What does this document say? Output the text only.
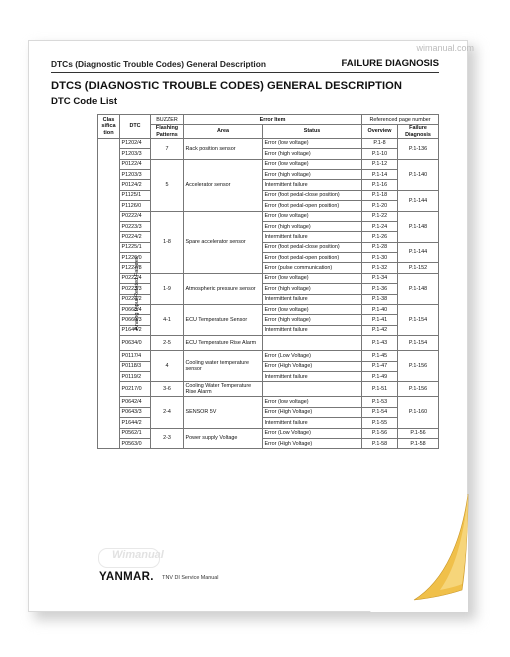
wimanual.com
DTCs (Diagnostic Trouble Codes) General Description	FAILURE DIAGNOSIS
DTCS (DIAGNOSTIC TROUBLE CODES) GENERAL DESCRIPTION
DTC Code List
Clas sifica tion	DTC	BUZZER	Error Item		Referenced page number	
		Flashing Patterns	Area	Status	Overview	Failure Diagnosis
Analog Input Related Failures	P1202/4	7	Rack position sensor	Error (low voltage)	P.1-8	P.1-136
	P1203/3			Error (high voltage)	P.1-10	
	P0122/4	5	Accelerator sensor	Error (low voltage)	P.1-12	P.1-140
	P1203/3			Error (high voltage)	P.1-14	
	P0124/2			Intermittent failure	P.1-16	
	P1125/1			Error (foot pedal-close position)	P.1-18	P.1-144
	P1126/0			Error (foot pedal-open position)	P.1-20	
	P0222/4	1-8	Spare accelerator sensor	Error (low voltage)	P.1-22	P.1-148
	P0223/3			Error (high voltage)	P.1-24	
	P0224/2			Intermittent failure	P.1-26	
	P1225/1			Error (foot pedal-close position)	P.1-28	P.1-144
	P1226/0			Error (foot pedal-open position)	P.1-30	
	P1227/8			Error (pulse communication)	P.1-32	P.1-152
	P0222/4	1-9	Atmospheric pressure sensor	Error (low voltage)	P.1-34	P.1-148
	P0223/3			Error (high voltage)	P.1-36	
	P0224/2			Intermittent failure	P.1-38	
	P0668/4	4-1	ECU Temperature Sensor	Error (low voltage)	P.1-40	P.1-154
	P0669/3			Error (high voltage)	P.1-41	
	P1644/2			Intermittent failure	P.1-42	
	P0634/0	2-5	ECU Temperature Rise Alarm		P.1-43	P.1-154
	P0117/4	4	Cooling water temperature sensor	Error (Low Voltage)	P.1-45	P.1-156
	P0118/3			Error (High Voltage)	P.1-47	
	P0119/2			Intermittent failure	P.1-49	
	P0217/0	3-6	Cooling Water Temperature Rise Alarm		P.1-51	P.1-156
	P0642/4	2-4	SENSOR 5V	Error (low voltage)	P.1-53	P.1-160
	P0643/3			Error (High Voltage)	P.1-54	
	P1644/2			Intermittent failure	P.1-55	
	P0562/1	2-3	Power supply Voltage	Error (Low Voltage)	P.1-56	P.1-56
	P0563/0			Error (High Voltage)	P.1-58	P.1-58
Wimanual
YANMAR. TNV DI Service Manual
